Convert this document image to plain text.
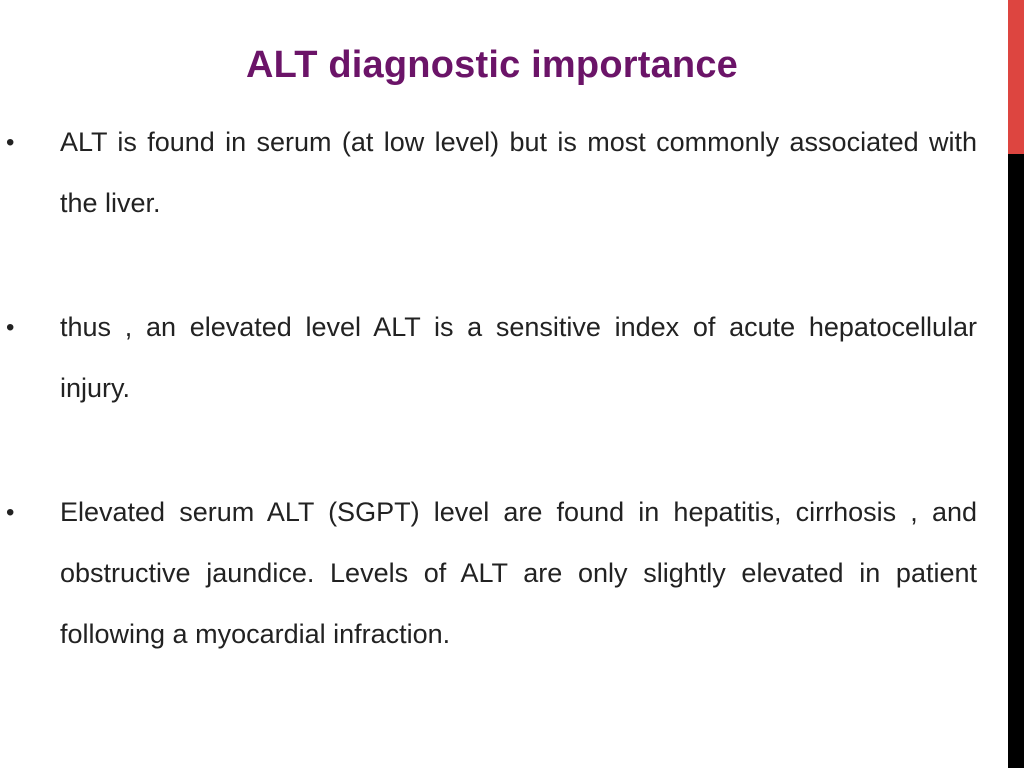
ALT diagnostic importance
• ALT is found in serum (at low level) but is most commonly associated with the liver.
• thus , an elevated level ALT is a sensitive index of acute hepatocellular injury.
• Elevated serum ALT (SGPT) level are found in hepatitis, cirrhosis , and obstructive jaundice. Levels of ALT are only slightly elevated in patient following a myocardial infraction.
